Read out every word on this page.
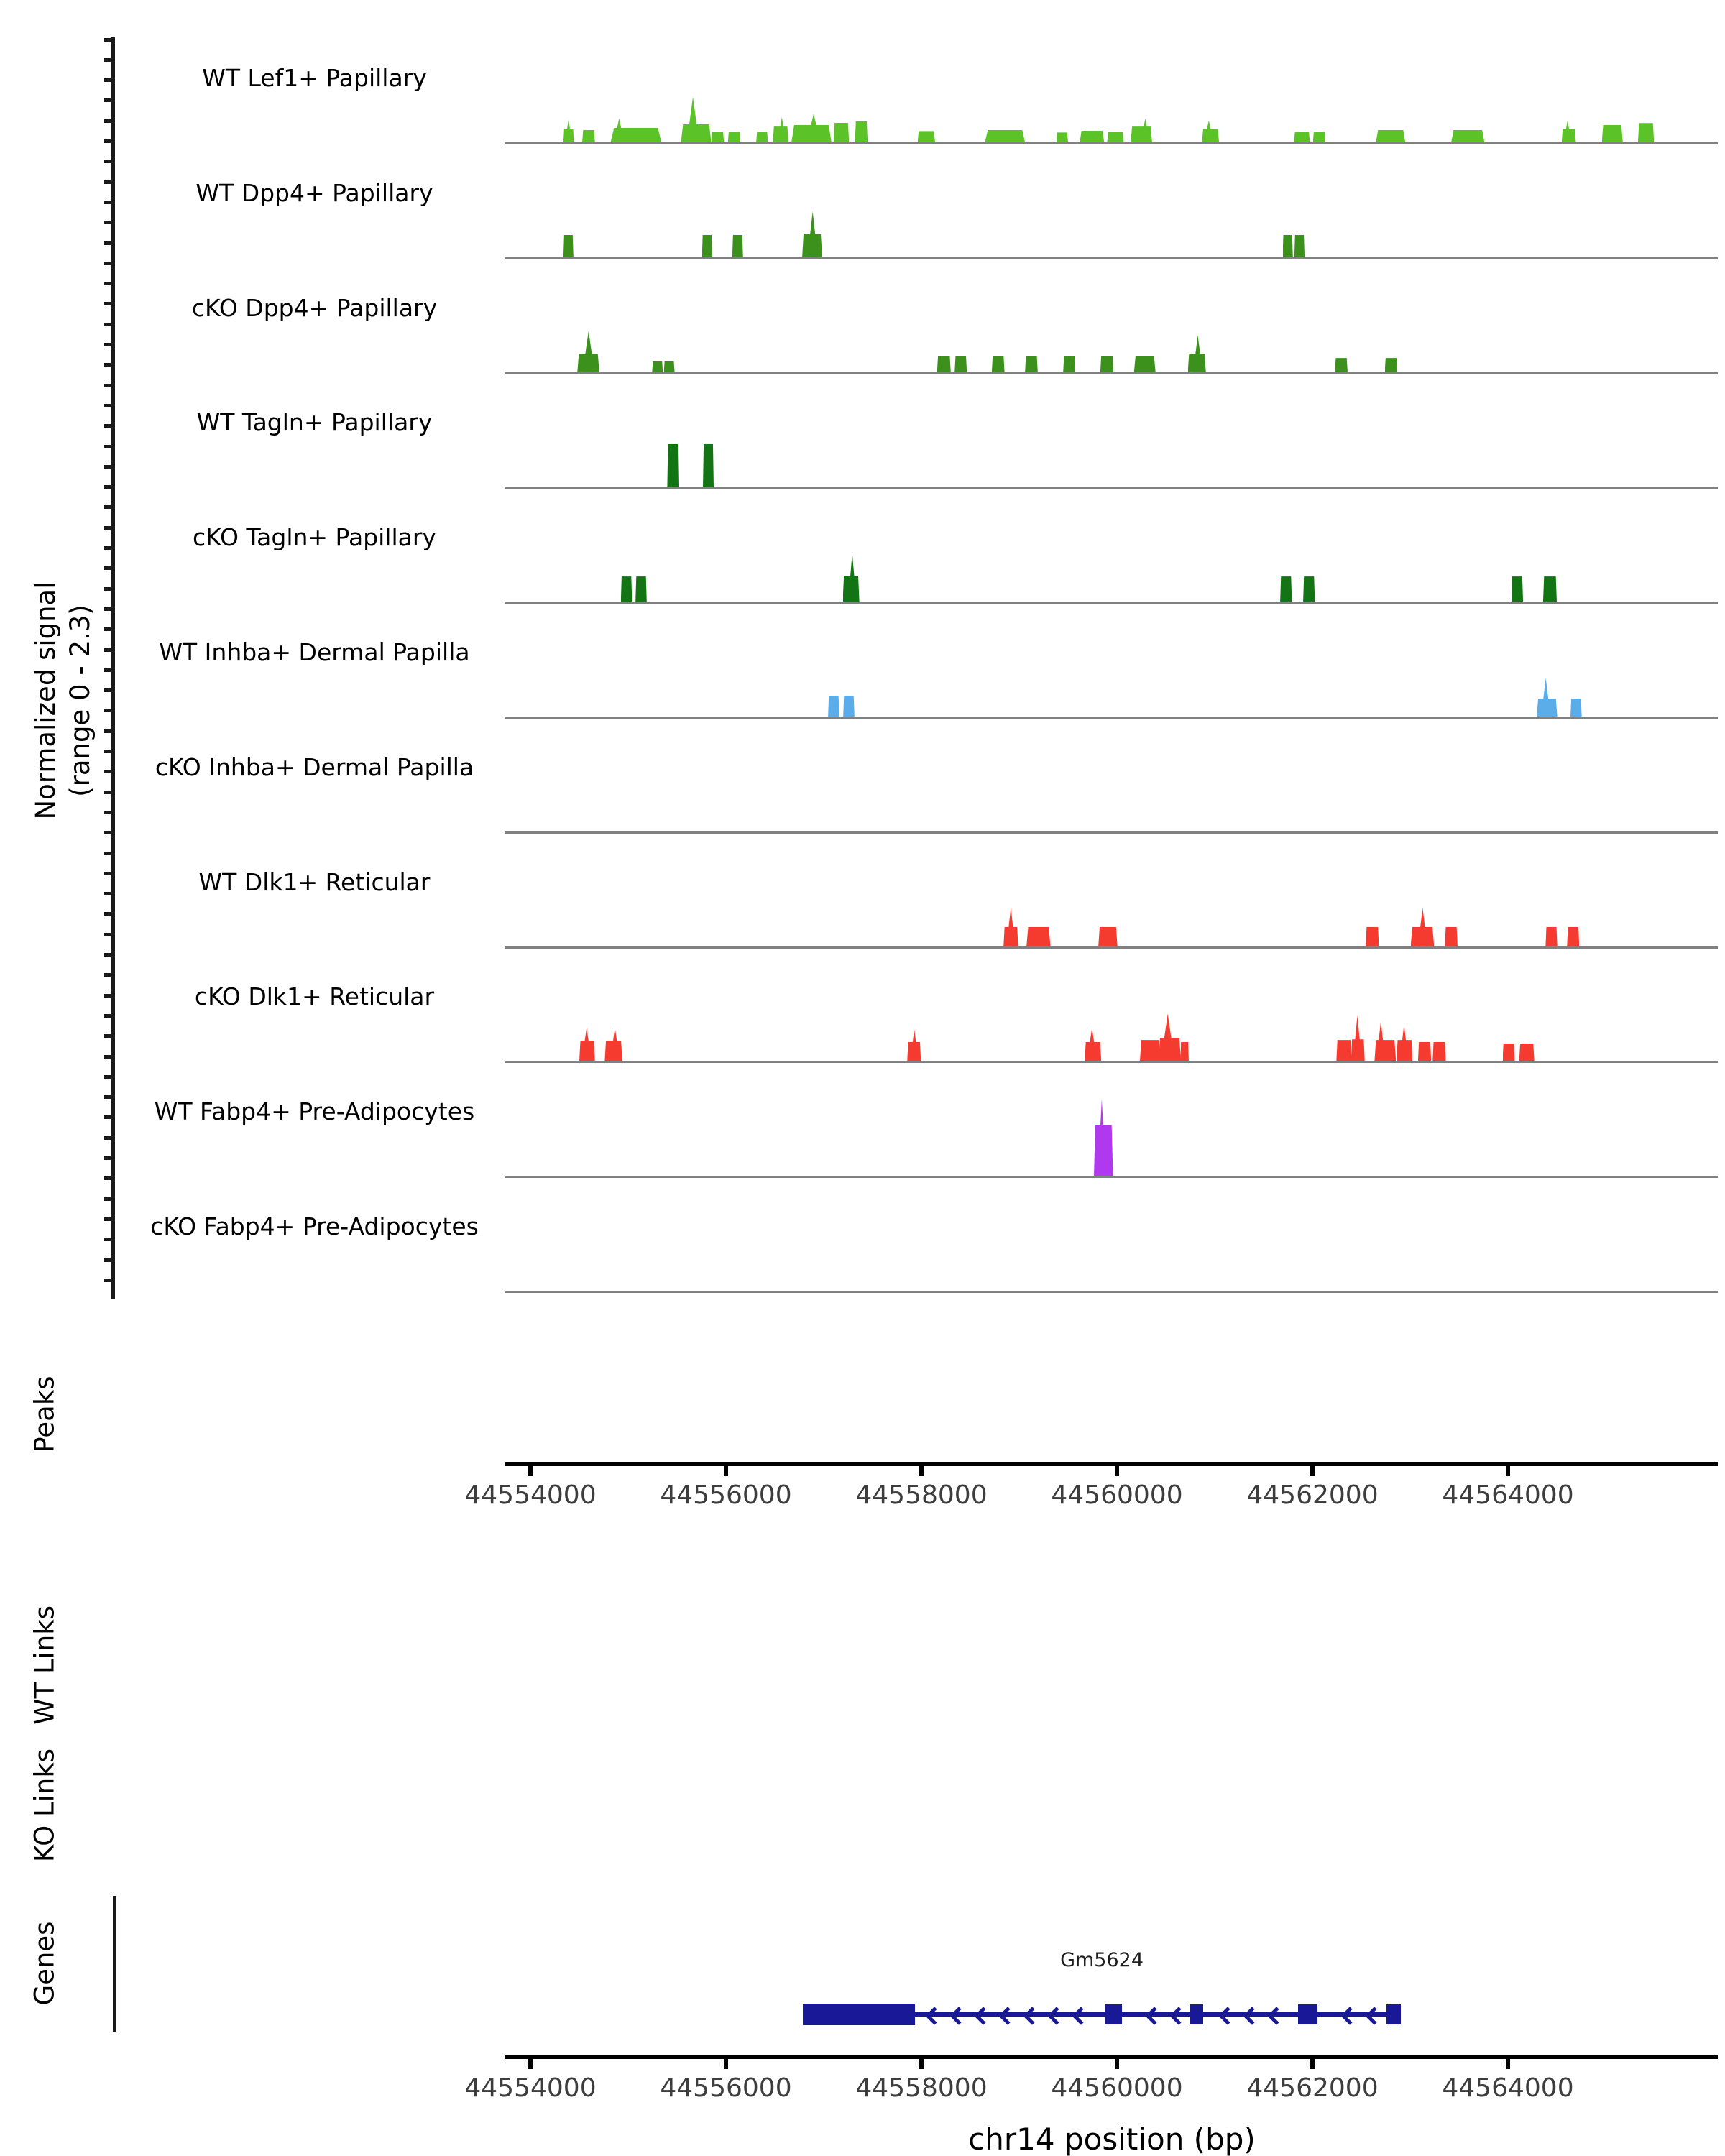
Normalized signal (range 0 - 2.3)
WT Lef1+ Papillary
WT Dpp4+ Papillary
cKO Dpp4+ Papillary
WT Tagln+ Papillary
cKO Tagln+ Papillary
WT Inhba+ Dermal Papilla
cKO Inhba+ Dermal Papilla
WT Dlk1+ Reticular
cKO Dlk1+ Reticular
WT Fabp4+ Pre-Adipocytes
cKO Fabp4+ Pre-Adipocytes
Peaks
WT Links
KO Links
Genes
44554000	44556000	44558000	44560000	44562000	44564000
Gm5624
44554000	44556000	44558000	44560000	44562000	44564000
chr14 position (bp)
